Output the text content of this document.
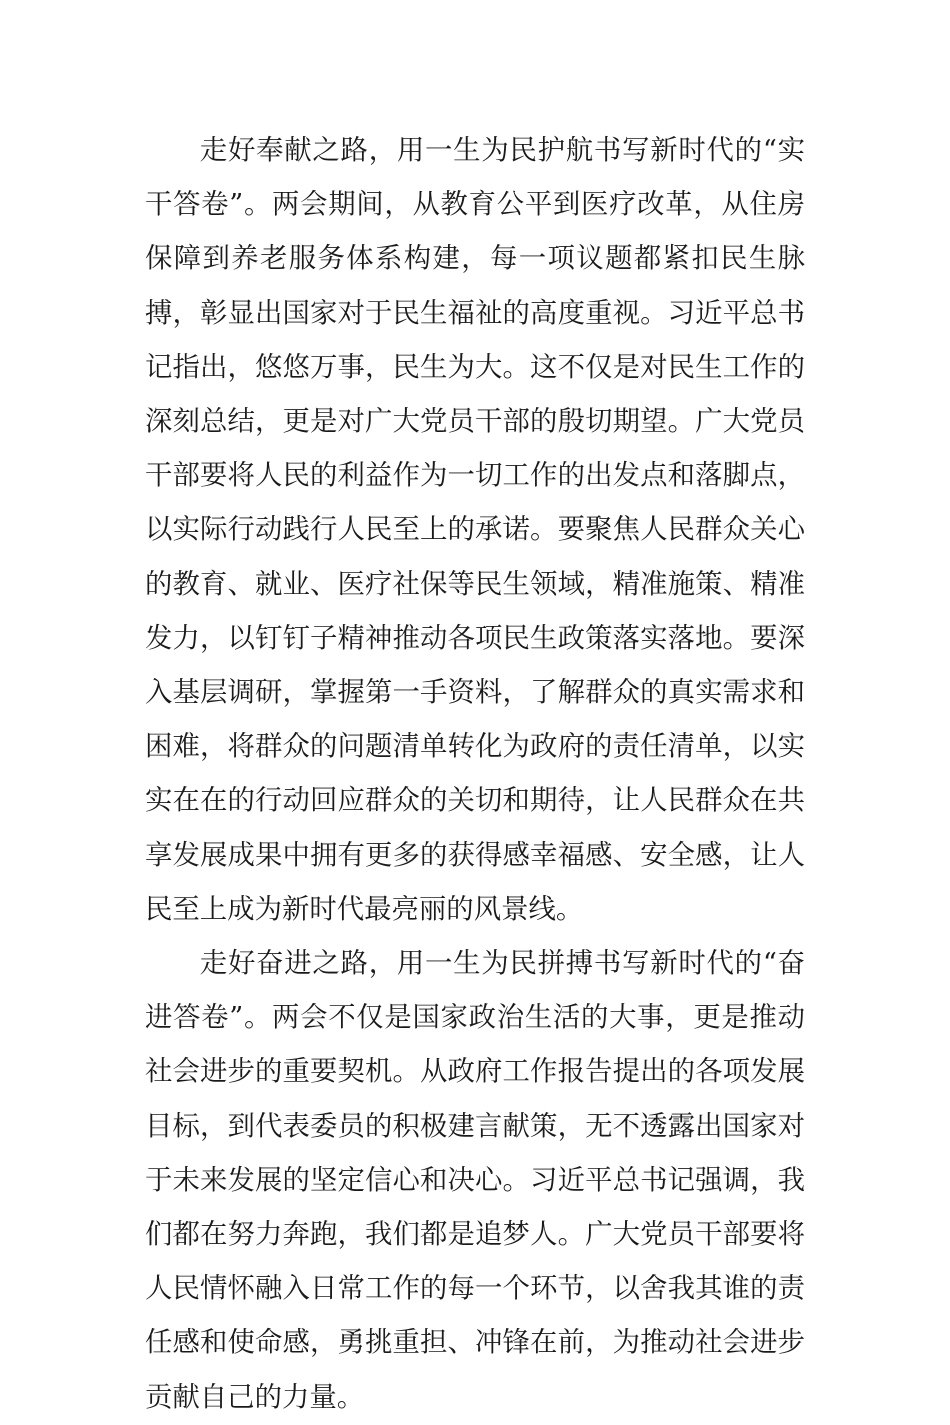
走好奉献之路，用一生为民护航书写新时代的“实干答卷”。两会期间，从教育公平到医疗改革，从住房保障到养老服务体系构建，每一项议题都紧扣民生脉搏，彰显出国家对于民生福祉的高度重视。习近平总书记指出，悠悠万事，民生为大。这不仅是对民生工作的深刻总结，更是对广大党员干部的殷切期望。广大党员干部要将人民的利益作为一切工作的出发点和落脚点，以实际行动践行人民至上的承诺。要聚焦人民群众关心的教育、就业、医疗社保等民生领域，精准施策、精准发力，以钉钉子精神推动各项民生政策落实落地。要深入基层调研，掌握第一手资料，了解群众的真实需求和困难，将群众的问题清单转化为政府的责任清单，以实实在在的行动回应群众的关切和期待，让人民群众在共享发展成果中拥有更多的获得感幸福感、安全感，让人民至上成为新时代最亮丽的风景线。

走好奋进之路，用一生为民拼搏书写新时代的“奋进答卷”。两会不仅是国家政治生活的大事，更是推动社会进步的重要契机。从政府工作报告提出的各项发展目标，到代表委员的积极建言献策，无不透露出国家对于未来发展的坚定信心和决心。习近平总书记强调，我们都在努力奔跑，我们都是追梦人。广大党员干部要将人民情怀融入日常工作的每一个环节，以舍我其谁的责任感和使命感，勇挑重担、冲锋在前，为推动社会进步贡献自己的力量。
